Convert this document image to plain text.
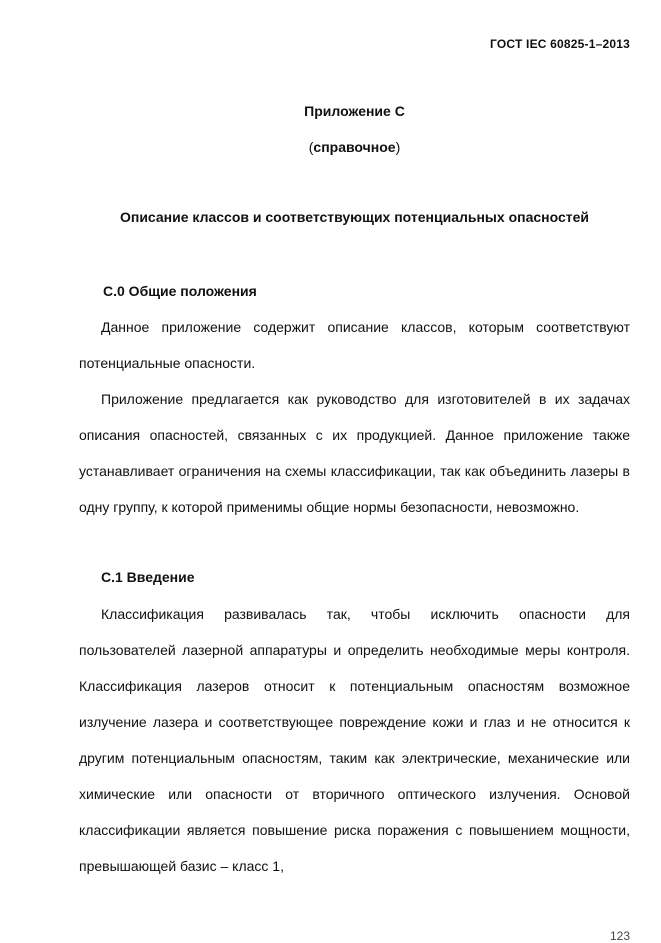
ГОСТ IEC 60825-1–2013
Приложение С
(справочное)
Описание классов и соответствующих потенциальных опасностей
С.0 Общие положения

Данное приложение содержит описание классов, которым соответствуют потенциальные опасности.

Приложение предлагается как руководство для изготовителей в их задачах описания опасностей, связанных с их продукцией. Данное приложение также устанавливает ограничения на схемы классификации, так как объединить лазеры в одну группу, к которой применимы общие нормы безопасности, невозможно.

С.1 Введение

Классификация развивалась так, чтобы исключить опасности для пользователей лазерной аппаратуры и определить необходимые меры контроля. Классификация лазеров относит к потенциальным опасностям возможное излучение лазера и соответствующее повреждение кожи и глаз и не относится к другим потенциальным опасностям, таким как электрические, механические или химические или опасности от вторичного оптического излучения. Основой классификации является повышение риска поражения с повышением мощности, превышающей базис – класс 1,

123
